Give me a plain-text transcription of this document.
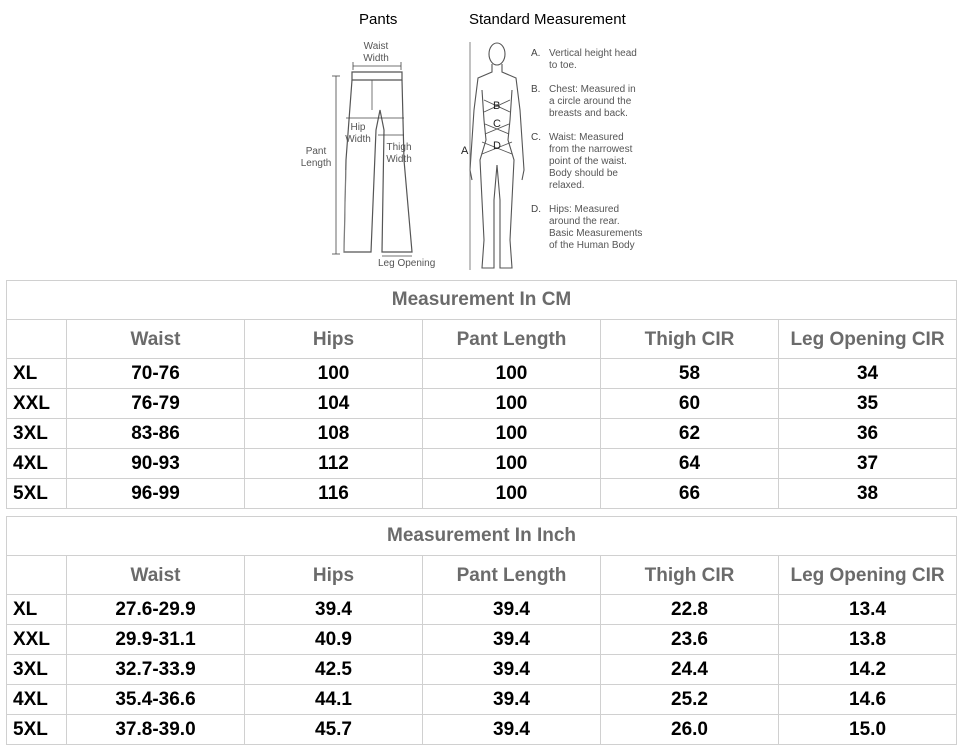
Pants	Standard Measurement
Waist
Width
Hip
Width
Pant
Length
Thigh
Width
Leg Opening
A
B
C
D
A. Vertical height head
to toe.
B. Chest: Measured in
a circle around the
breasts and back.
C. Waist: Measured
from the narrowest
point of the waist.
Body should be
relaxed.
D. Hips: Measured
around the rear.
Basic Measurements
of the Human Body
Measurement In CM					
	Waist	Hips	Pant Length	Thigh CIR	Leg Opening CIR
XL	70-76	100	100	58	34
XXL	76-79	104	100	60	35
3XL	83-86	108	100	62	36
4XL	90-93	112	100	64	37
5XL	96-99	116	100	66	38
Measurement In Inch					
	Waist	Hips	Pant Length	Thigh CIR	Leg Opening CIR
XL	27.6-29.9	39.4	39.4	22.8	13.4
XXL	29.9-31.1	40.9	39.4	23.6	13.8
3XL	32.7-33.9	42.5	39.4	24.4	14.2
4XL	35.4-36.6	44.1	39.4	25.2	14.6
5XL	37.8-39.0	45.7	39.4	26.0	15.0
